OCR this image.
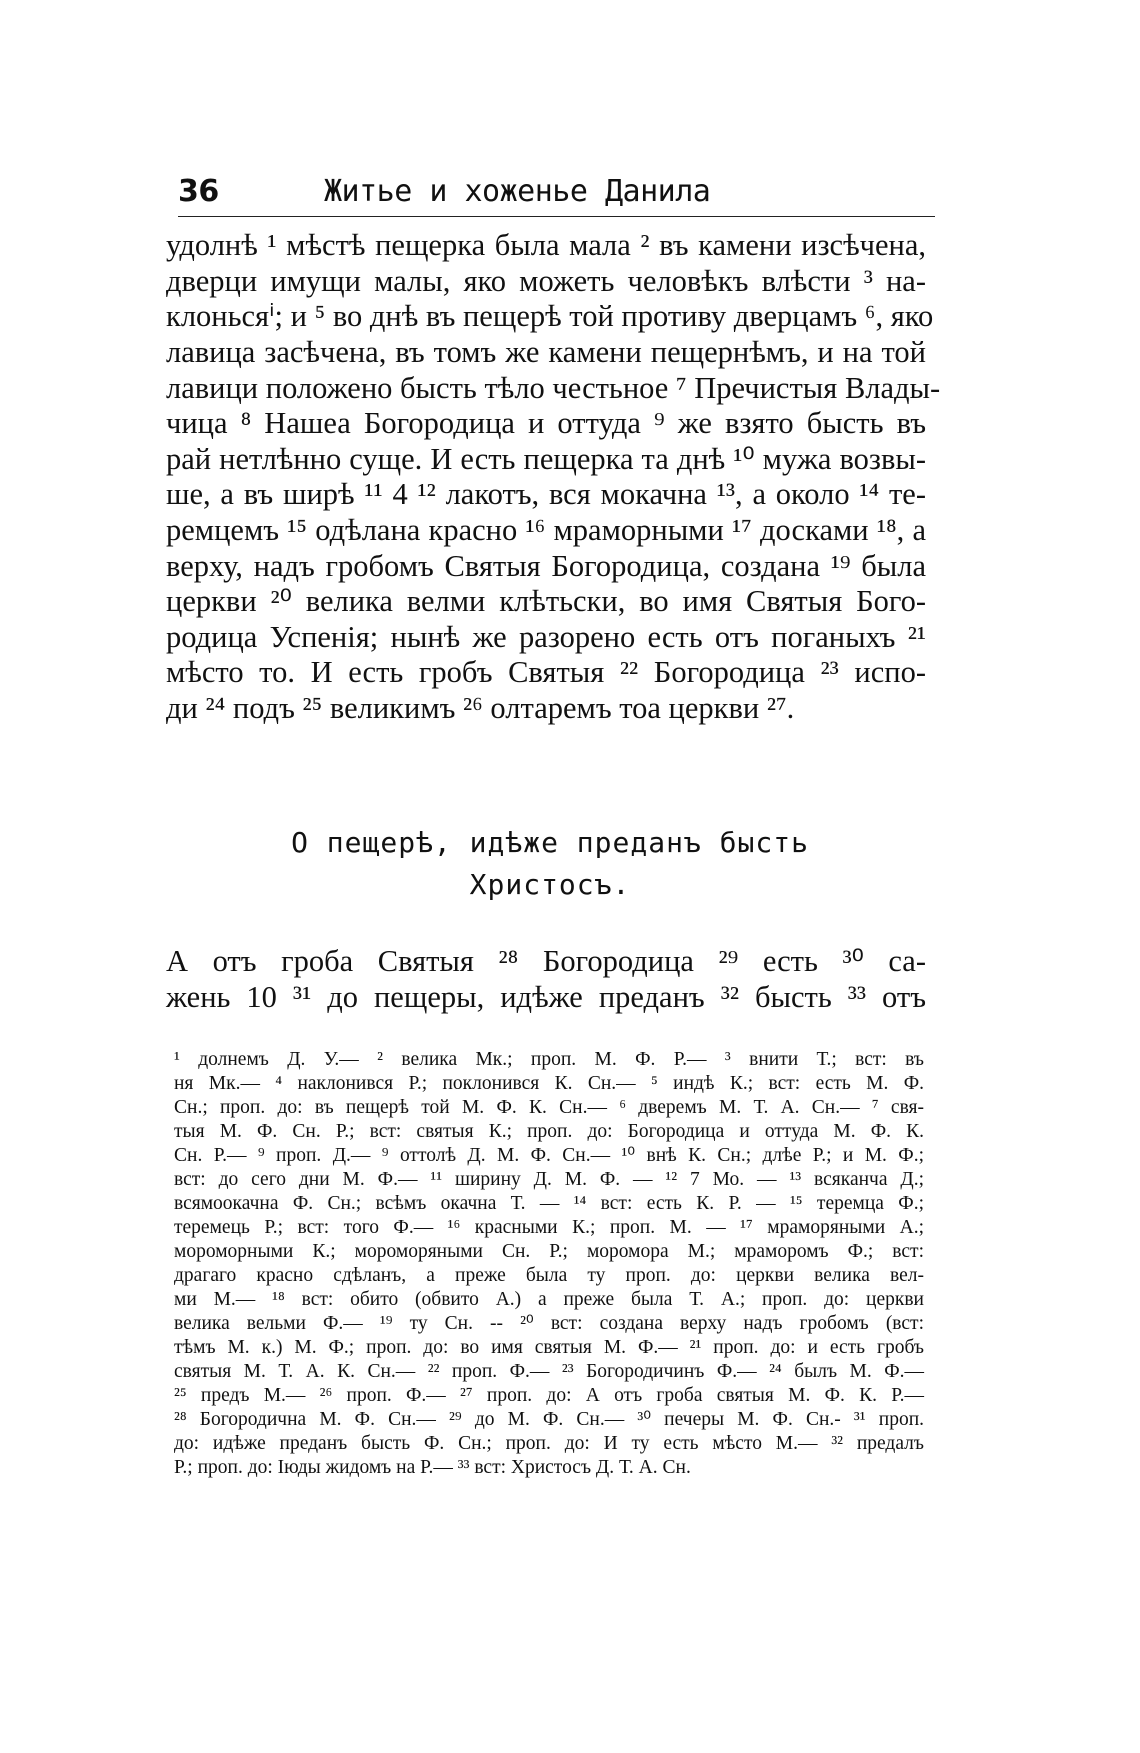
36	Житье и хоженье Данила
удолнѣ ¹ мѣстѣ пещерка была мала ² въ камени изсѣчена,
дверци имущи малы, яко можеть человѣкъ влѣсти ³ на-
клоньсяⁱ; и ⁵ во днѣ въ пещерѣ той противу дверцамъ ⁶, яко
лавица засѣчена, въ томъ же камени пещернѣмъ, и на той
лавици положено бысть тѣло честьное ⁷ Пречистыя Влады-
чица ⁸ Нашеа Богородица и оттуда ⁹ же взято бысть въ
рай нетлѣнно суще. И есть пещерка та днѣ ¹⁰ мужа возвы-
ше, а въ ширѣ ¹¹ 4 ¹² лакотъ, вся мокачна ¹³, а около ¹⁴ те-
ремцемъ ¹⁵ одѣлана красно ¹⁶ мраморными ¹⁷ досками ¹⁸, а
верху, надъ гробомъ Святыя Богородица, создана ¹⁹ была
церкви ²⁰ велика велми клѣтьски, во имя Святыя Бого-
родица Успенія; нынѣ же разорено есть отъ поганыхъ ²¹
мѣсто то. И есть гробъ Святыя ²² Богородица ²³ испо-
ди ²⁴ подъ ²⁵ великимъ ²⁶ олтаремъ тоа церкви ²⁷.
О пещерѣ, идѣже преданъ бысть
Христосъ.
А отъ гроба Святыя ²⁸ Богородица ²⁹ есть ³⁰ са-
жень 10 ³¹ до пещеры, идѣже преданъ ³² бысть ³³ отъ
¹ долнемъ Д. У.— ² велика Мк.; проп. М. Ф. Р.— ³ внити Т.; вст: въ
ня Мк.— ⁴ наклонився Р.; поклонився К. Сн.— ⁵ индѣ К.; вст: есть М. Ф.
Сн.; проп. до: въ пещерѣ той М. Ф. К. Сн.— ⁶ дверемъ М. Т. А. Сн.— ⁷ свя-
тыя М. Ф. Сн. Р.; вст: святыя К.; проп. до: Богородица и оттуда М. Ф. К.
Сн. Р.— ⁹ проп. Д.— ⁹ оттолѣ Д. М. Ф. Сн.— ¹⁰ внѣ К. Сн.; длѣе Р.; и М. Ф.;
вст: до сего дни М. Ф.— ¹¹ ширину Д. М. Ф. — ¹² 7 Мо. — ¹³ всяканча Д.;
всямоокачна Ф. Сн.; всѣмъ окачна Т. — ¹⁴ вст: есть К. Р. — ¹⁵ теремца Ф.;
теремець Р.; вст: того Ф.— ¹⁶ красными К.; проп. М. — ¹⁷ мраморяными А.;
мороморными К.; мороморяными Сн. Р.; моромора М.; мраморомъ Ф.; вст:
драгаго красно сдѣланъ, а преже была ту проп. до: церкви велика вел-
ми М.— ¹⁸ вст: обито (обвито А.) а преже была Т. А.; проп. до: церкви
велика вельми Ф.— ¹⁹ ту Сн. -- ²⁰ вст: создана верху надъ гробомъ (вст:
тѣмъ М. к.) М. Ф.; проп. до: во имя святыя М. Ф.— ²¹ проп. до: и есть гробъ
святыя М. Т. А. К. Сн.— ²² проп. Ф.— ²³ Богородичинъ Ф.— ²⁴ былъ М. Ф.—
²⁵ предъ М.— ²⁶ проп. Ф.— ²⁷ проп. до: А отъ гроба святыя М. Ф. К. Р.—
²⁸ Богородична М. Ф. Сн.— ²⁹ до М. Ф. Сн.— ³⁰ печеры М. Ф. Сн.- ³¹ проп.
до: идѣже преданъ бысть Ф. Сн.; проп. до: И ту есть мѣсто М.— ³² предалъ
Р.; проп. до: Іюды жидомъ на Р.— ³³ вст: Христосъ Д. Т. А. Сн.
